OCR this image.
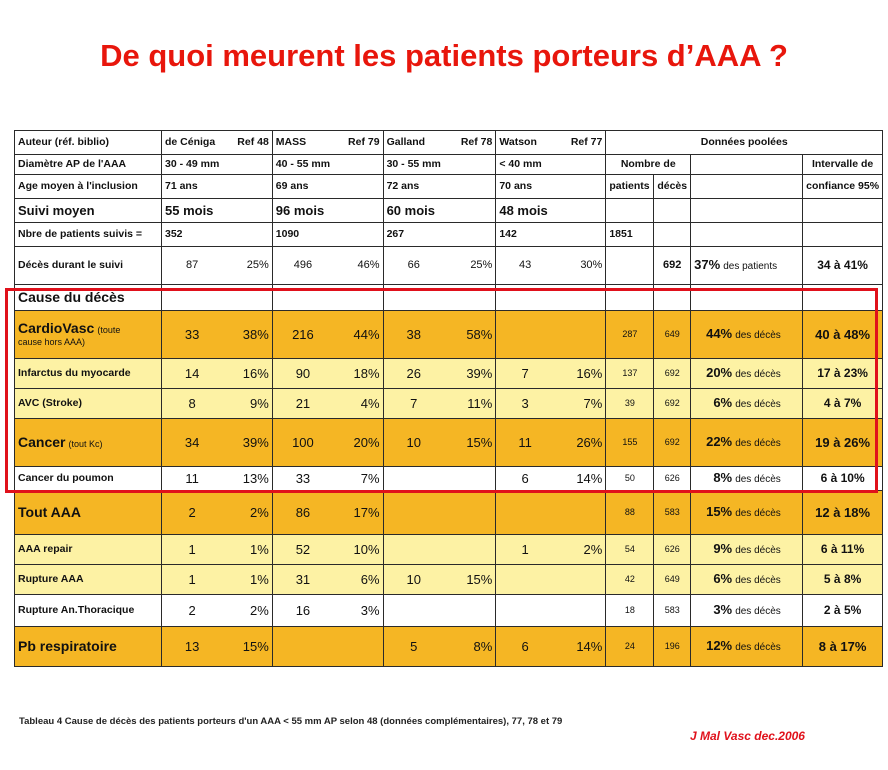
De quoi meurent les patients porteurs d’AAA ?
Auteur (réf. biblio)	de Céniga	Ref 48	MASS	Ref 79	Galland	Ref 78	Watson	Ref 77	Données poolées			
Diamètre AP de l'AAA	30 - 49 mm		40 - 55 mm		30 - 55 mm		< 40 mm		Nombre de			Intervalle de
Age moyen à l'inclusion	71 ans		69 ans		72 ans		70 ans		patients	décès		confiance 95%
Suivi moyen	55 mois		96 mois		60 mois		48 mois					
Nbre de patients suivis =	352		1090		267		142		1851			
Décès durant le suivi	87	25%	496	46%	66	25%	43	30%		692	37% des patients	34 à 41%
Cause du décès												
CardioVasc (toute
cause hors AAA)	33	38%	216	44%	38	58%			287	649	44% des décès	40 à 48%
Infarctus du myocarde	14	16%	90	18%	26	39%	7	16%	137	692	20% des décès	17 à 23%
AVC (Stroke)	8	9%	21	4%	7	11%	3	7%	39	692	6% des décès	4 à 7%
Cancer (tout Kc)	34	39%	100	20%	10	15%	11	26%	155	692	22% des décès	19 à 26%
Cancer du poumon	11	13%	33	7%			6	14%	50	626	8% des décès	6 à 10%
Tout AAA	2	2%	86	17%					88	583	15% des décès	12 à 18%
AAA repair	1	1%	52	10%			1	2%	54	626	9% des décès	6 à 11%
Rupture AAA	1	1%	31	6%	10	15%			42	649	6% des décès	5 à 8%
Rupture An.Thoracique	2	2%	16	3%					18	583	3% des décès	2 à 5%
Pb respiratoire	13	15%			5	8%	6	14%	24	196	12% des décès	8 à 17%
Tableau 4 Cause de décès des patients porteurs d'un AAA < 55 mm AP selon 48 (données complémentaires), 77, 78 et 79
J Mal Vasc dec.2006
